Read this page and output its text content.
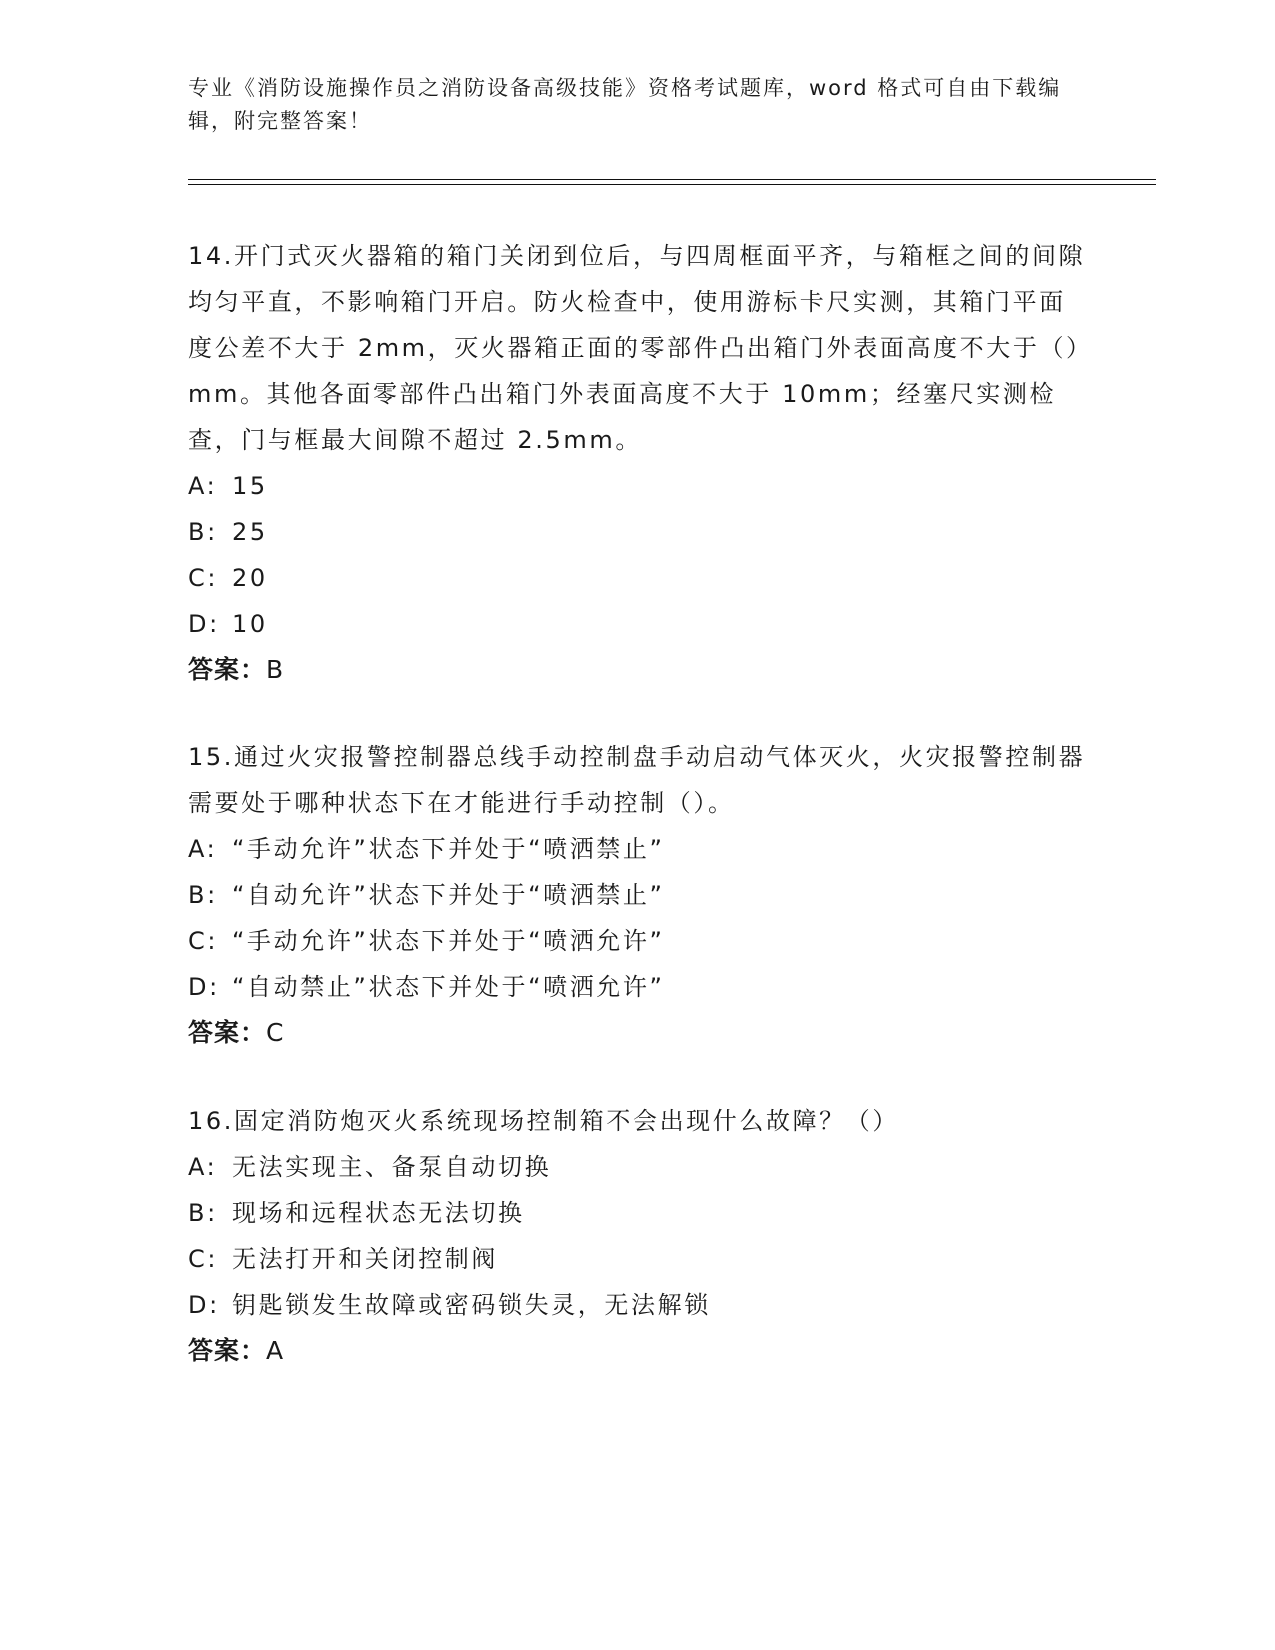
专业《消防设施操作员之消防设备高级技能》资格考试题库，word 格式可自由下载编辑，附完整答案！

14.开门式灭火器箱的箱门关闭到位后，与四周框面平齐，与箱框之间的间隙均匀平直，不影响箱门开启。防火检查中，使用游标卡尺实测，其箱门平面度公差不大于 2mm，灭火器箱正面的零部件凸出箱门外表面高度不大于（）mm。其他各面零部件凸出箱门外表面高度不大于 10mm；经塞尺实测检查，门与框最大间隙不超过 2.5mm。

A: 15

B: 25

C: 20

D: 10

答案：B

15.通过火灾报警控制器总线手动控制盘手动启动气体灭火，火灾报警控制器需要处于哪种状态下在才能进行手动控制（）。

A: “手动允许”状态下并处于“喷洒禁止”

B: “自动允许”状态下并处于“喷洒禁止”

C: “手动允许”状态下并处于“喷洒允许”

D: “自动禁止”状态下并处于“喷洒允许”

答案：C

16.固定消防炮灭火系统现场控制箱不会出现什么故障？（）

A: 无法实现主、备泵自动切换

B: 现场和远程状态无法切换

C: 无法打开和关闭控制阀

D: 钥匙锁发生故障或密码锁失灵，无法解锁

答案：A
